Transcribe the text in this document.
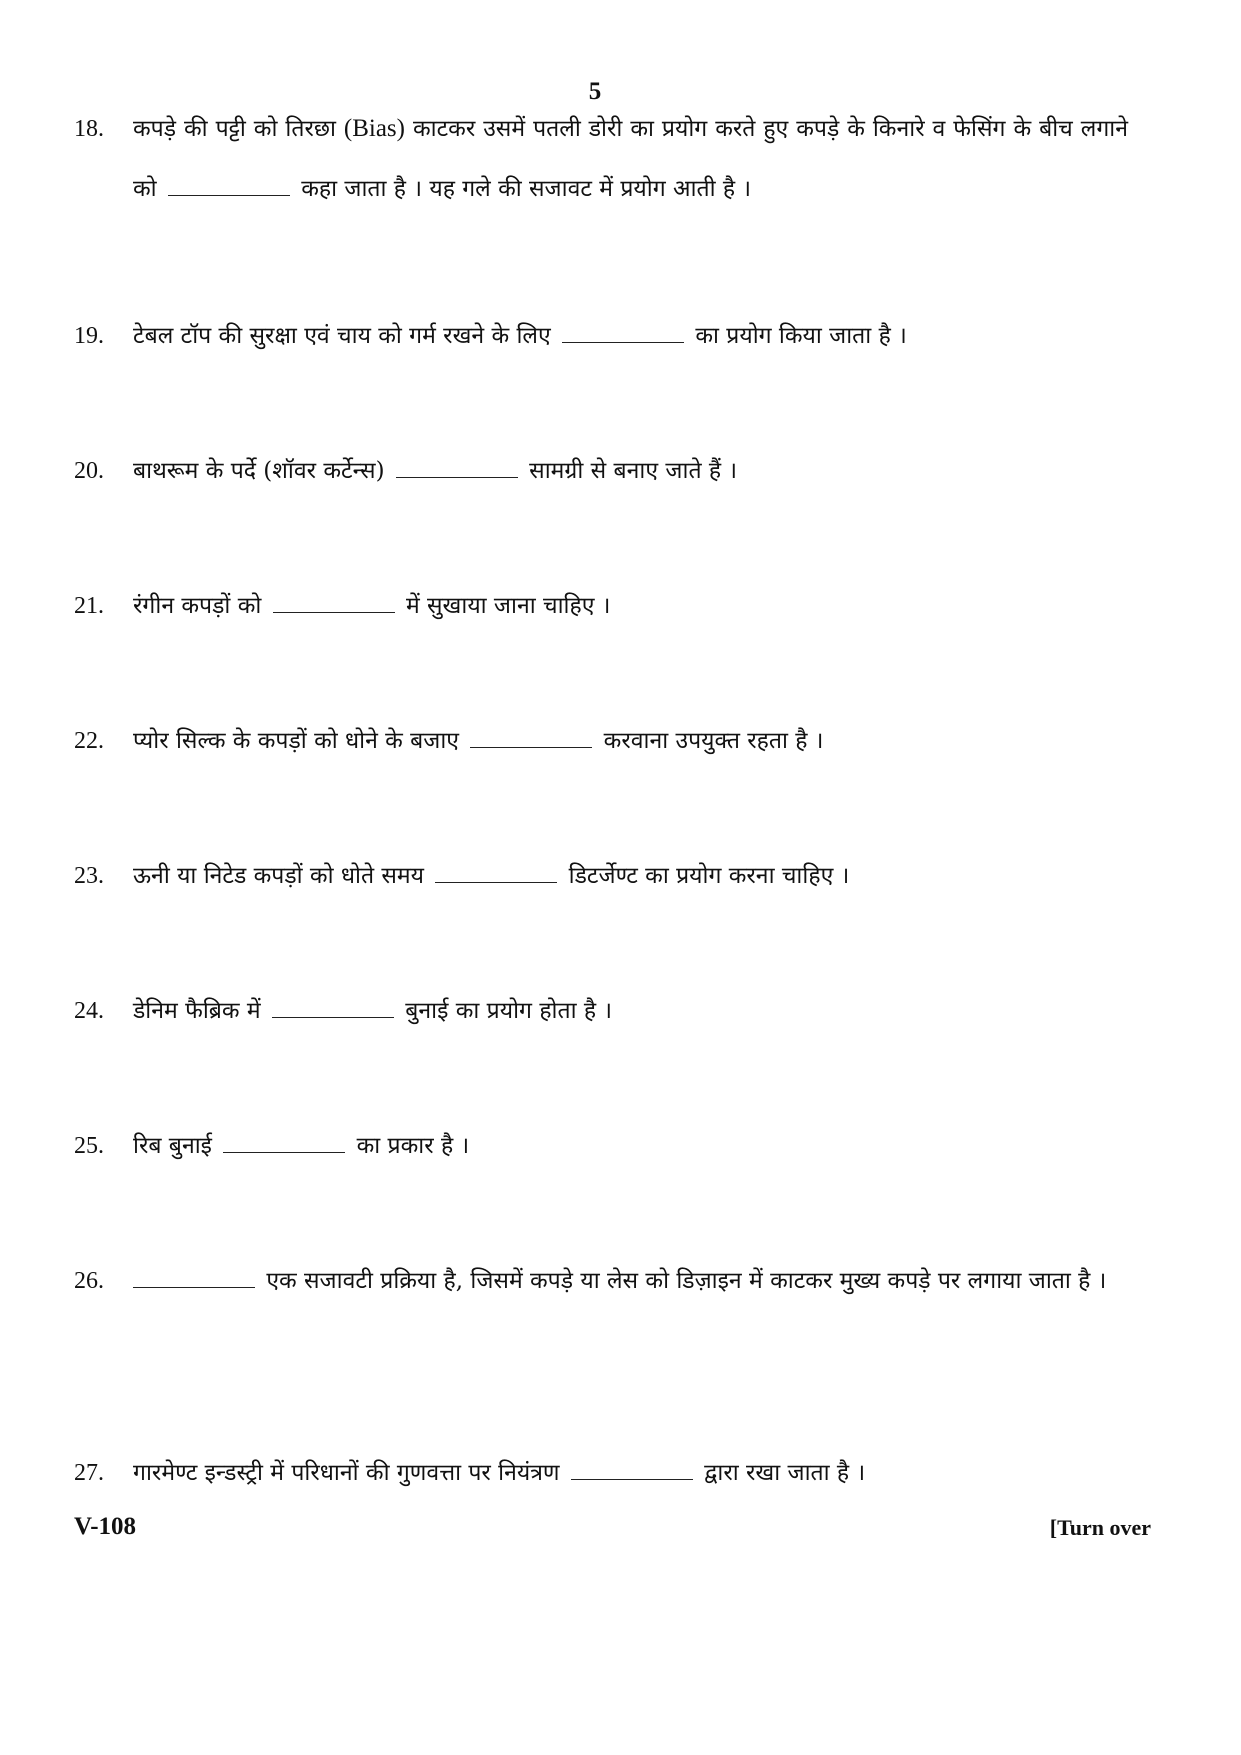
5
18. कपड़े की पट्टी को तिरछा (Bias) काटकर उसमें पतली डोरी का प्रयोग करते हुए कपड़े के किनारे व फेसिंग के बीच लगाने को	कहा जाता है । यह गले की सजावट में प्रयोग आती है ।
19. टेबल टॉप की सुरक्षा एवं चाय को गर्म रखने के लिए	का प्रयोग किया जाता है ।
20. बाथरूम के पर्दे (शॉवर कर्टेन्स)	सामग्री से बनाए जाते हैं ।
21. रंगीन कपड़ों को	में सुखाया जाना चाहिए ।
22. प्योर सिल्क के कपड़ों को धोने के बजाए	करवाना उपयुक्त रहता है ।
23. ऊनी या निटेड कपड़ों को धोते समय	डिटर्जेण्ट का प्रयोग करना चाहिए ।
24. डेनिम फैब्रिक में	बुनाई का प्रयोग होता है ।
25. रिब बुनाई	का प्रकार है ।
26.	एक सजावटी प्रक्रिया है, जिसमें कपड़े या लेस को डिज़ाइन में काटकर मुख्य कपड़े पर लगाया जाता है ।
27. गारमेण्ट इन्डस्ट्री में परिधानों की गुणवत्ता पर नियंत्रण	द्वारा रखा जाता है ।
V-108	[Turn over
